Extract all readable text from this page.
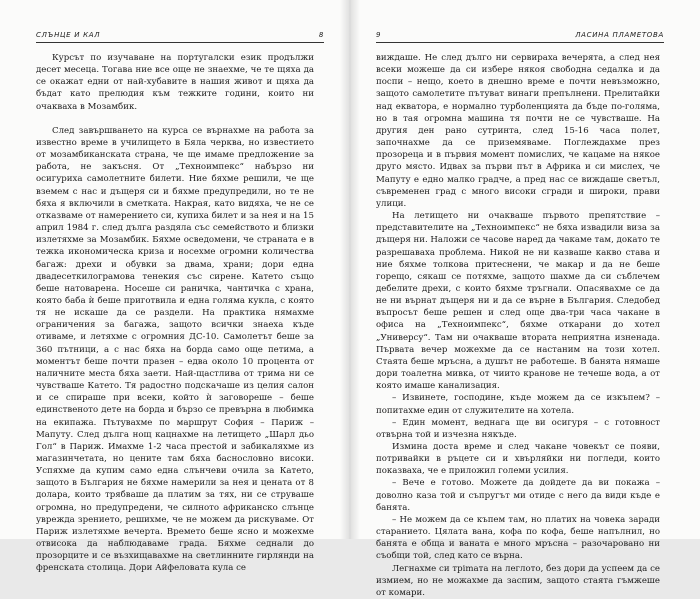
СЛЪНЦЕ И КАЛ	8

Курсът по изучаване на португалски език продължи десет месеца. Тогава ние все още не знаехме, че те щяха да се окажат едни от най-хубавите в нашия живот и щяха да бъдат като прелюдия към тежките години, които ни очакваха в Мозамбик.

След завършването на курса се върнахме на работа за известно време в училището в Бяла черква, но известието от мозамбиканската страна, че ще имаме предложение за работа, не закъсня. От „Техноимпекс“ набързо ни осигуриха самолетните билети. Ние бяхме решили, че ще вземем с нас и дъщеря си и бяхме предупредили, но те не бяха я включили в сметката. Накрая, като видяха, че не се отказваме от намерението си, купиха билет и за нея и на 15 април 1984 г. след дълга раздяла със семейството и близки излетяхме за Мозамбик. Бяхме осведомени, че страната е в тежка икономическа криза и носехме огромни количества багаж: дрехи и обувки за двама, храни; дори една двадесеткилограмова тенекия със сирене. Катето също беше натоварена. Носеше си раничка, чантичка с храна, която баба ѝ беше приготвила и една голяма кукла, с която тя не искаше да се раздели. На практика нямахме ограничения за багажа, защото всички знаеха къде отиваме, и летяхме с огромния ДС-10. Самолетът беше за 360 пътници, а с нас бяха на борда само още петима, а моментът беше почти празен – едва около 10 процента от наличните места бяха заети. Най-щастлива от трима ни се чувстваше Катето. Тя радостно подскачаше из целия салон и се спираше при всеки, който ѝ заговореше – беше единственото дете на борда и бързо се превърна в любимка на екипажа. Пътувахме по маршрут София – Париж – Мапуту. След дълга нощ кацнахме на летището „Шарл дьо Гол“ в Париж. Имахме 1-2 часа престой и забикаляхме из магазинчетата, но цените там бяха баснословно високи. Успяхме да купим само една слънчеви очила за Катето, защото в България не бяхме намерили за нея и цената от 8 долара, които трябваше да платим за тях, ни се струваше огромна, но предупредени, че силното африканско слънце уврежда зрението, решихме, че не можем да рискуваме. От Париж излетяхме вечерта. Времето беше ясно и можехме отвисока да наблюдаваме града. Бяхме седнали до прозорците и се възхищавахме на светлинните гирлянди на френската столица. Дори Айфеловата кула се

9	ЛАСИНА ПЛАМЕТОВА

виждаше. Не след дълго ни сервираха вечерята, а след нея всеки можеше да си избере някоя свободна седалка и да поспи – нещо, което в днешно време е почти невъзможно, защото самолетите пътуват винаги препълнени. Прелитайки над екватора, е нормално турболенцията да бъде по-голяма, но в тая огромна машина тя почти не се чувстваше. На другия ден рано сутринта, след 15-16 часа полет, започнахме да се приземяваме. Поглеждахме през прозореца и в първия момент помислих, че кацаме на някое друго място. Идвах за първи път в Африка и си мислех, че Мапуту е едно малко градче, а пред нас се виждаше светъл, съвременен град с много високи сгради и широки, прави улици.

На летището ни очакваше първото препятствие – представителите на „Техноимпекс“ не бяха извадили виза за дъщеря ни. Наложи се часове наред да чакаме там, докато те разрешаваха проблема. Никой не ни казваше какво става и ние бяхме толкова притеснени, че макар и да не беше горещо, сякаш се потяхме, защото шахме да си съблечем дебелите дрехи, с които бяхме тръгнали. Опасявахме се да не ни върнат дъщеря ни и да се върне в България. Следобед въпросът беше решен и след още два-три часа чакане в офиса на „Техноимпекс“, бяхме откарани до хотел „Универсу“. Там ни очакваше втората неприятна изненада. Първата вечер можехме да се настаним на този хотел. Стаята беше мръсна, а душът не работеше. В банята нямаше дори тоалетна мивка, от чиито кранове не течеше вода, а от която имаше канализация.

– Извинете, господине, къде можем да се изкъпем? – попитахме един от служителите на хотела.

– Един момент, веднага ще ви осигуря – с готовност отвърна той и изчезна някъде.

Измина доста време и след чакане човекът се появи, потривайки в ръцете си и хвърляйки ни погледи, които показваха, че е приложил големи усилия.

– Вече е готово. Можете да дойдете да ви покажа – доволно каза той и съпругът ми отиде с него да види къде е банята.

– Не можем да се къпем там, но платих на човека заради старанието. Цялата вана, кофа по кофа, беше напълнил, но банята е обща и ваната е много мръсна – разочаровано ни съобщи той, след като се върна.

Легнахме си трimата на леглото, без дори да успеем да се измием, но не можахме да заспим, защото стаята гъмжеше от комари.
